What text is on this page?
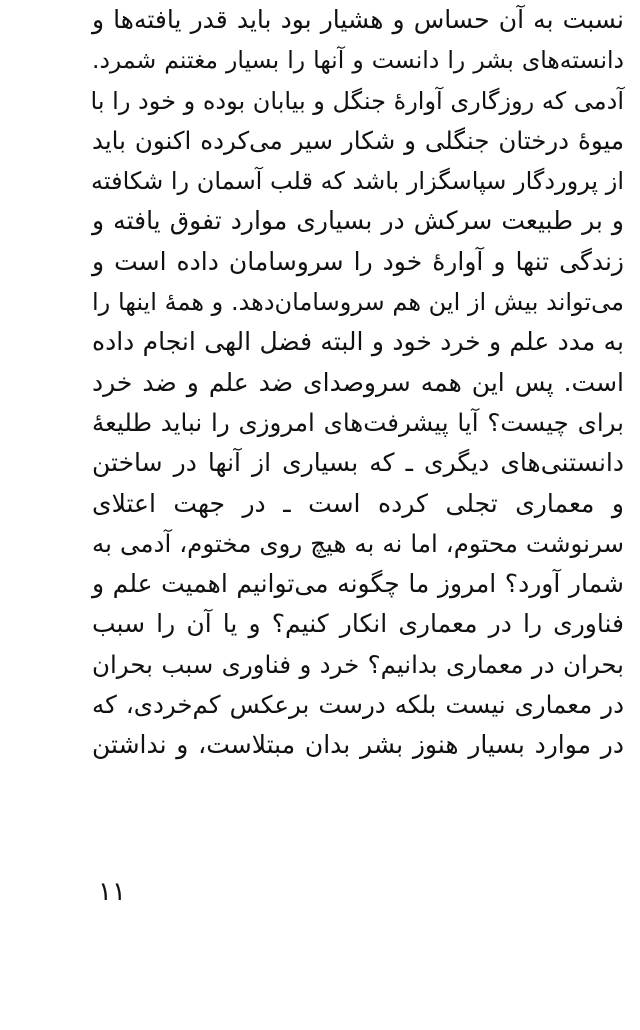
نسبت به آن حساس و هشیار بود باید قدر یافته‌ها و
دانسته‌های بشر را دانست و آنها را بسیار مغتنم شمرد.
آدمی که روزگاری آوارهٔ جنگل و بیابان بوده و خود را با
میوهٔ درختان جنگلی و شکار سیر می‌کرده اکنون باید
از پروردگار سپاسگزار باشد که قلب آسمان را شکافته
و بر طبیعت سرکش در بسیاری موارد تفوق یافته و
زندگی تنها و آوارهٔ خود را سروسامان داده است و
می‌تواند بیش از این هم سروسامان‌دهد. و همهٔ اینها را
به مدد علم و خرد خود و البته فضل الهی انجام داده
است. پس این همه سروصدای ضد علم و ضد خرد
برای چیست؟ آیا پیشرفت‌های امروزی را نباید طلیعهٔ
دانستنی‌های دیگری ـ که بسیاری از آنها در ساختن
و معماری تجلی کرده است ـ در جهت اعتلای
سرنوشت محتوم، اما نه به هیچ روی مختوم، آدمی به
شمار آورد؟ امروز ما چگونه می‌توانیم اهمیت علم و
فناوری را در معماری انکار کنیم؟ و یا آن را سبب
بحران در معماری بدانیم؟ خرد و فناوری سبب بحران
در معماری نیست بلکه درست برعکس کم‌خردی، که
در موارد بسیار هنوز بشر بدان مبتلاست، و نداشتن
۱۱
